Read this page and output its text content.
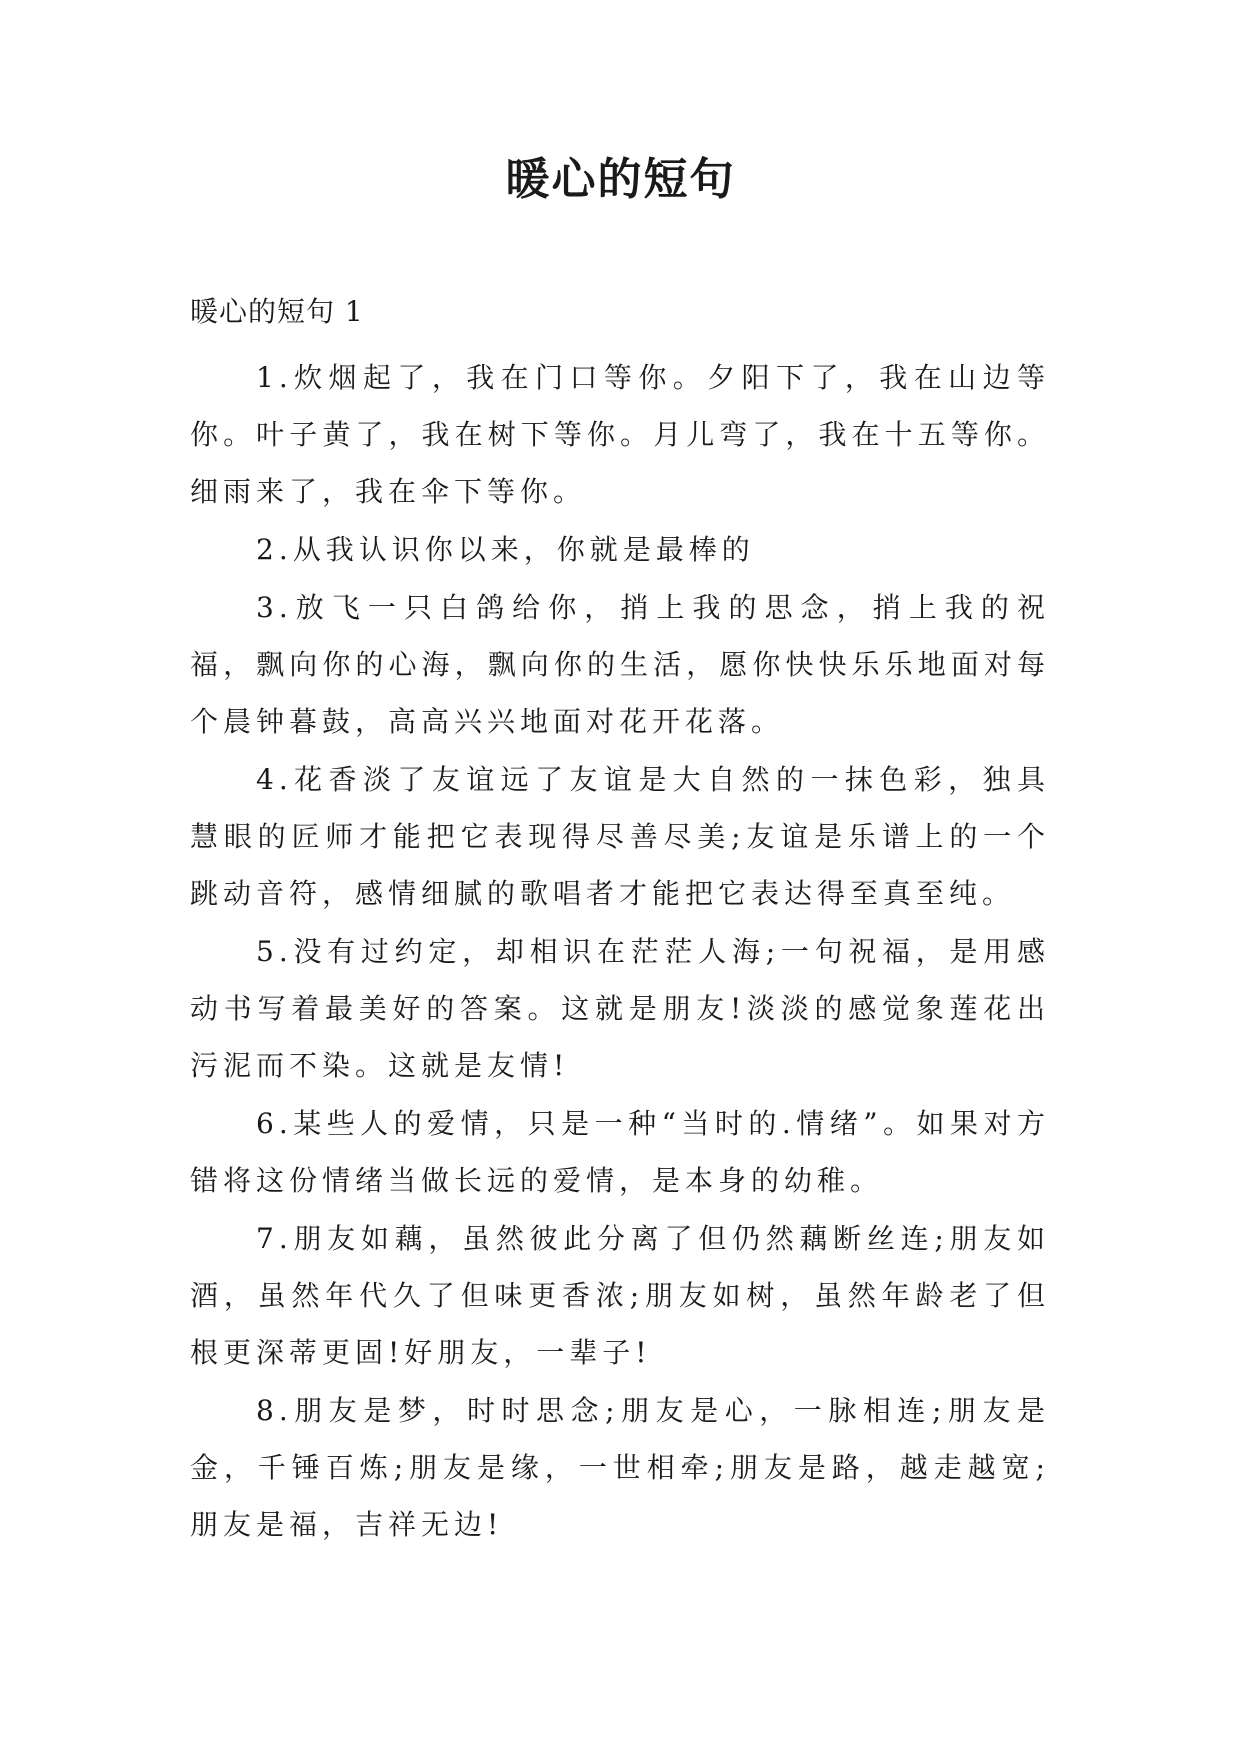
暖心的短句

暖心的短句 1

1.炊烟起了，我在门口等你。夕阳下了，我在山边等你。叶子黄了，我在树下等你。月儿弯了，我在十五等你。细雨来了，我在伞下等你。

2.从我认识你以来，你就是最棒的

3.放飞一只白鸽给你，捎上我的思念，捎上我的祝福，飘向你的心海，飘向你的生活，愿你快快乐乐地面对每个晨钟暮鼓，高高兴兴地面对花开花落。

4.花香淡了友谊远了友谊是大自然的一抹色彩，独具慧眼的匠师才能把它表现得尽善尽美;友谊是乐谱上的一个跳动音符，感情细腻的歌唱者才能把它表达得至真至纯。

5.没有过约定，却相识在茫茫人海;一句祝福，是用感动书写着最美好的答案。这就是朋友!淡淡的感觉象莲花出污泥而不染。这就是友情!

6.某些人的爱情，只是一种“当时的.情绪”。如果对方错将这份情绪当做长远的爱情，是本身的幼稚。

7.朋友如藕，虽然彼此分离了但仍然藕断丝连;朋友如酒，虽然年代久了但味更香浓;朋友如树，虽然年龄老了但根更深蒂更固!好朋友，一辈子!

8.朋友是梦，时时思念;朋友是心，一脉相连;朋友是金，千锤百炼;朋友是缘，一世相牵;朋友是路，越走越宽;朋友是福，吉祥无边!
